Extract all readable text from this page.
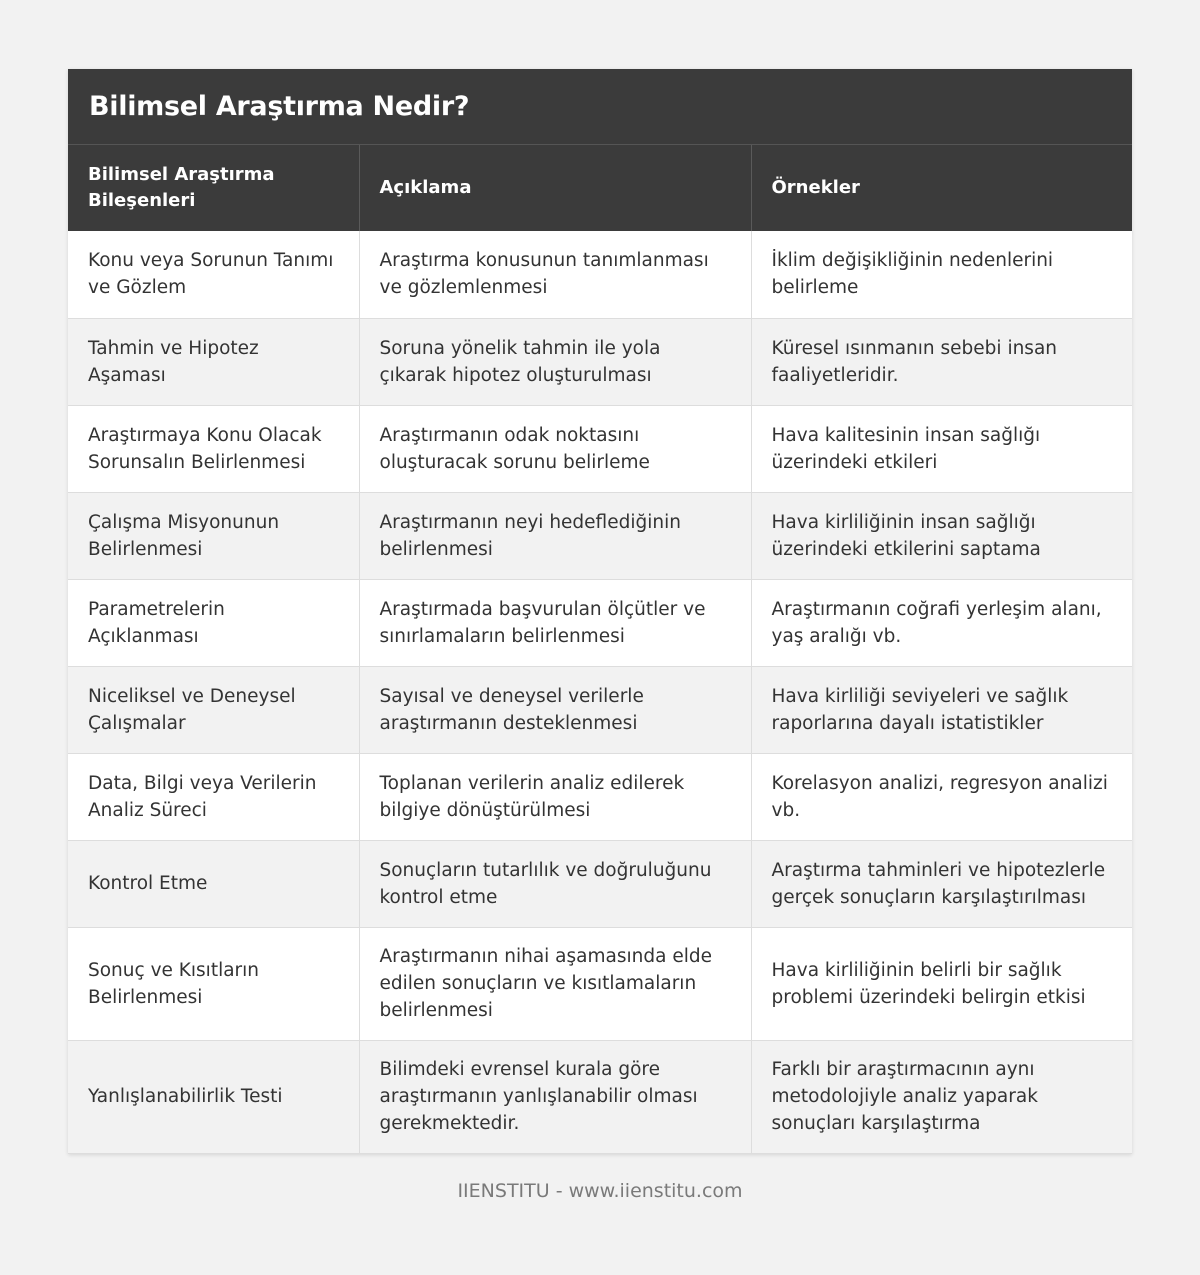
Bilimsel Araştırma Nedir?
Bilimsel Araştırma Bileşenleri	Açıklama	Örnekler
Konu veya Sorunun Tanımı ve Gözlem	Araştırma konusunun tanımlanması ve gözlemlenmesi	İklim değişikliğinin nedenlerini belirleme
Tahmin ve Hipotez Aşaması	Soruna yönelik tahmin ile yola çıkarak hipotez oluşturulması	Küresel ısınmanın sebebi insan faaliyetleridir.
Araştırmaya Konu Olacak Sorunsalın Belirlenmesi	Araştırmanın odak noktasını oluşturacak sorunu belirleme	Hava kalitesinin insan sağlığı üzerindeki etkileri
Çalışma Misyonunun Belirlenmesi	Araştırmanın neyi hedeflediğinin belirlenmesi	Hava kirliliğinin insan sağlığı üzerindeki etkilerini saptama
Parametrelerin Açıklanması	Araştırmada başvurulan ölçütler ve sınırlamaların belirlenmesi	Araştırmanın coğrafi yerleşim alanı, yaş aralığı vb.
Niceliksel ve Deneysel Çalışmalar	Sayısal ve deneysel verilerle araştırmanın desteklenmesi	Hava kirliliği seviyeleri ve sağlık raporlarına dayalı istatistikler
Data, Bilgi veya Verilerin Analiz Süreci	Toplanan verilerin analiz edilerek bilgiye dönüştürülmesi	Korelasyon analizi, regresyon analizi vb.
Kontrol Etme	Sonuçların tutarlılık ve doğruluğunu kontrol etme	Araştırma tahminleri ve hipotezlerle gerçek sonuçların karşılaştırılması
Sonuç ve Kısıtların Belirlenmesi	Araştırmanın nihai aşamasında elde edilen sonuçların ve kısıtlamaların belirlenmesi	Hava kirliliğinin belirli bir sağlık problemi üzerindeki belirgin etkisi
Yanlışlanabilirlik Testi	Bilimdeki evrensel kurala göre araştırmanın yanlışlanabilir olması gerekmektedir.	Farklı bir araştırmacının aynı metodolojiyle analiz yaparak sonuçları karşılaştırma
IIENSTITU - www.iienstitu.com
